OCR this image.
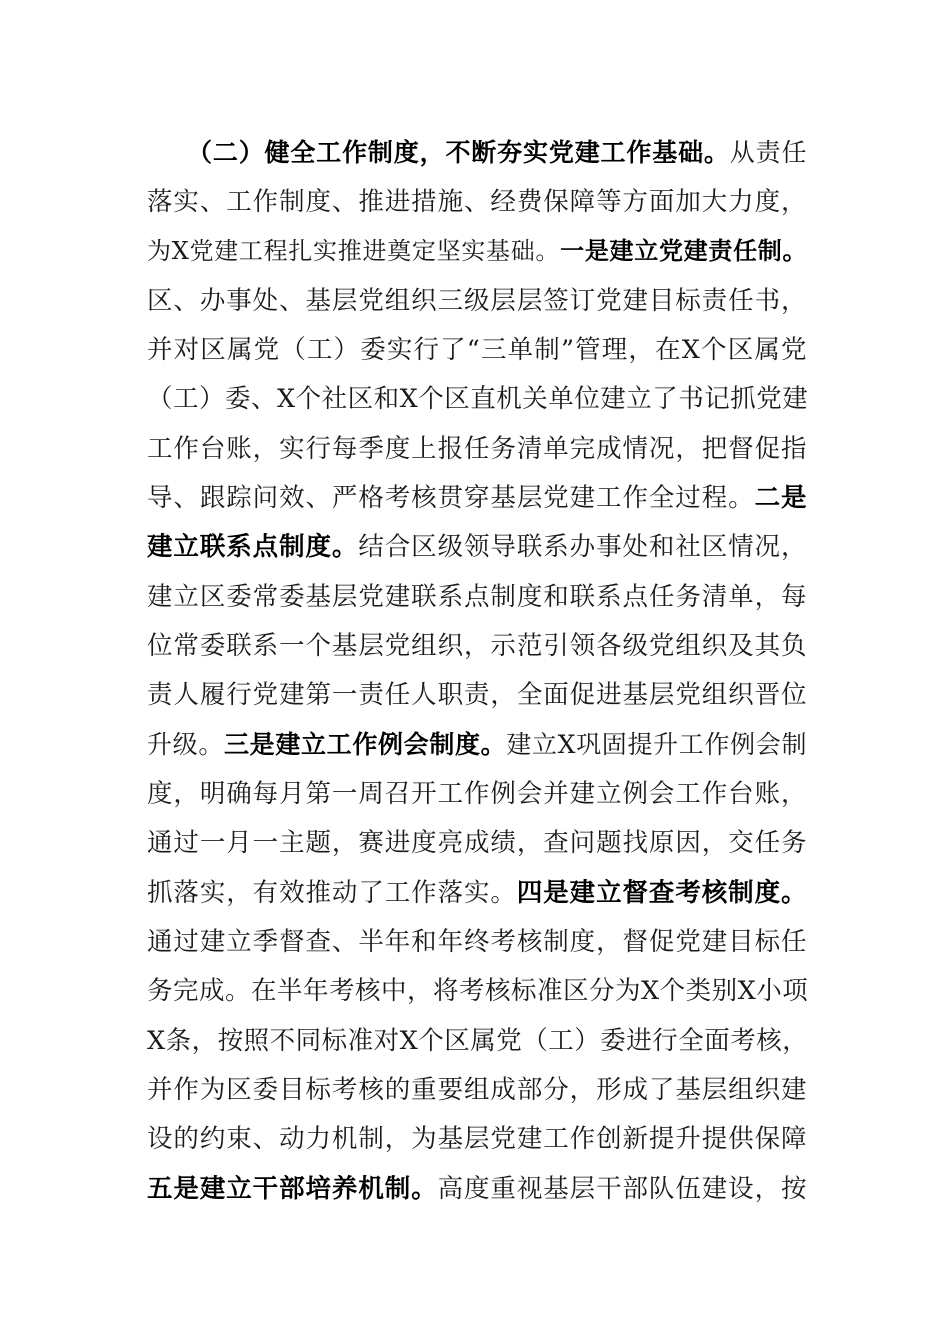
（二）健全工作制度，不断夯实党建工作基础。从责任
落实、工作制度、推进措施、经费保障等方面加大力度，
为X党建工程扎实推进奠定坚实基础。一是建立党建责任制。
区、办事处、基层党组织三级层层签订党建目标责任书，
并对区属党（工）委实行了“三单制”管理，在X个区属党
（工）委、X个社区和X个区直机关单位建立了书记抓党建
工作台账，实行每季度上报任务清单完成情况，把督促指
导、跟踪问效、严格考核贯穿基层党建工作全过程。二是
建立联系点制度。结合区级领导联系办事处和社区情况，
建立区委常委基层党建联系点制度和联系点任务清单，每
位常委联系一个基层党组织，示范引领各级党组织及其负
责人履行党建第一责任人职责，全面促进基层党组织晋位
升级。三是建立工作例会制度。建立X巩固提升工作例会制
度，明确每月第一周召开工作例会并建立例会工作台账，
通过一月一主题，赛进度亮成绩，查问题找原因，交任务
抓落实，有效推动了工作落实。四是建立督查考核制度。
通过建立季督查、半年和年终考核制度，督促党建目标任
务完成。在半年考核中，将考核标准区分为X个类别X小项
X条，按照不同标准对X个区属党（工）委进行全面考核，
并作为区委目标考核的重要组成部分，形成了基层组织建
设的约束、动力机制，为基层党建工作创新提升提供保障
五是建立干部培养机制。高度重视基层干部队伍建设，按
